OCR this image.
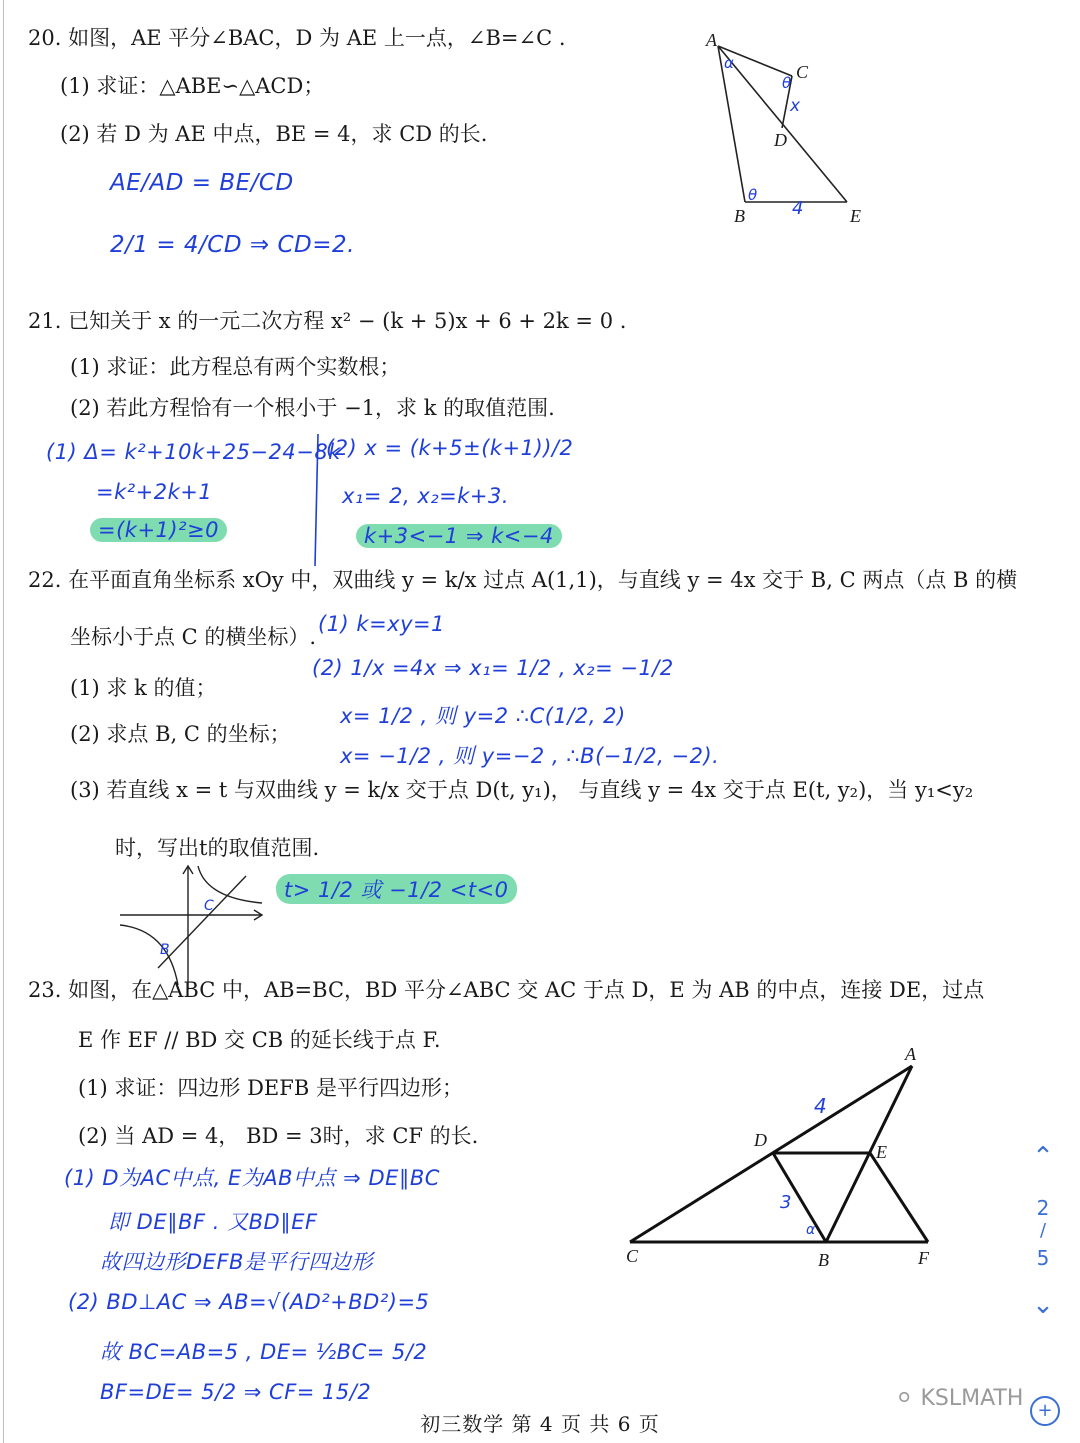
20. 如图，AE 平分∠BAC，D 为 AE 上一点，∠B=∠C .
(1) 求证：△ABE∽△ACD；
(2) 若 D 为 AE 中点，BE = 4，求 CD 的长.
AE/AD = BE/CD
2/1 = 4/CD ⇒ CD=2.
A
C
D
B	E
α
θ
θ
x
4
21. 已知关于 x 的一元二次方程 x² − (k + 5)x + 6 + 2k = 0 .
(1) 求证：此方程总有两个实数根；
(2) 若此方程恰有一个根小于 −1，求 k 的取值范围.
(1) Δ= k²+10k+25−24−8k
=k²+2k+1
=(k+1)²≥0
(2) x = (k+5±(k+1))/2
x₁= 2, x₂=k+3.
k+3<−1 ⇒ k<−4
22. 在平面直角坐标系 xOy 中，双曲线 y = k/x 过点 A(1,1)，与直线 y = 4x 交于 B, C 两点（点 B 的横
坐标小于点 C 的横坐标）.
(1) 求 k 的值；
(2) 求点 B, C 的坐标；
(3) 若直线 x = t 与双曲线 y = k/x 交于点 D(t, y₁)， 与直线 y = 4x 交于点 E(t, y₂)，当 y₁<y₂
时，写出t的取值范围.
(1) k=xy=1
(2) 1/x =4x ⇒ x₁= 1/2 , x₂= −1/2
x= 1/2 , 则 y=2 ∴C(1/2, 2)
x= −1/2 , 则 y=−2 , ∴B(−1/2, −2).
t> 1/2 或 −1/2 <t<0
C
B
23. 如图，在△ABC 中，AB=BC，BD 平分∠ABC 交 AC 于点 D，E 为 AB 的中点，连接 DE，过点
E 作 EF // BD 交 CB 的延长线于点 F.
(1) 求证：四边形 DEFB 是平行四边形；
(2) 当 AD = 4， BD = 3时，求 CF 的长.
(1) D为AC中点, E为AB中点 ⇒ DE∥BC
即 DE∥BF . 又BD∥EF
故四边形DEFB是平行四边形
(2) BD⊥AC ⇒ AB=√(AD²+BD²)=5
故 BC=AB=5 , DE= ½BC= 5/2
BF=DE= 5/2 ⇒ CF= 15/2
A
D
E
C	B	F
4
3
α
⌃
2
/
5
⌄
初三数学 第 4 页 共 6 页
⚪ KSLMATH +
